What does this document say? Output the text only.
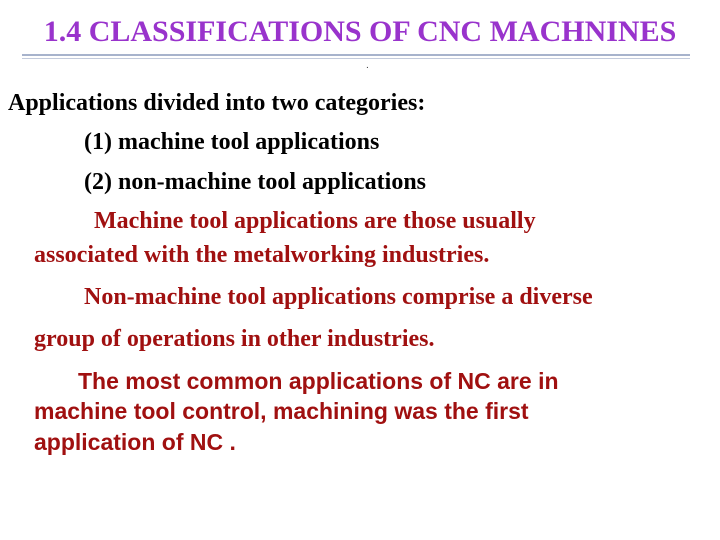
1.4 CLASSIFICATIONS OF CNC MACHNINES
.
Applications divided into two categories:
(1) machine tool applications
(2) non-machine tool applications
Machine tool applications are those usually
associated with the metalworking industries.
Non-machine tool applications comprise a diverse
group of operations in other industries.
The most common applications of NC are in
machine tool control, machining was the first
application of NC .
